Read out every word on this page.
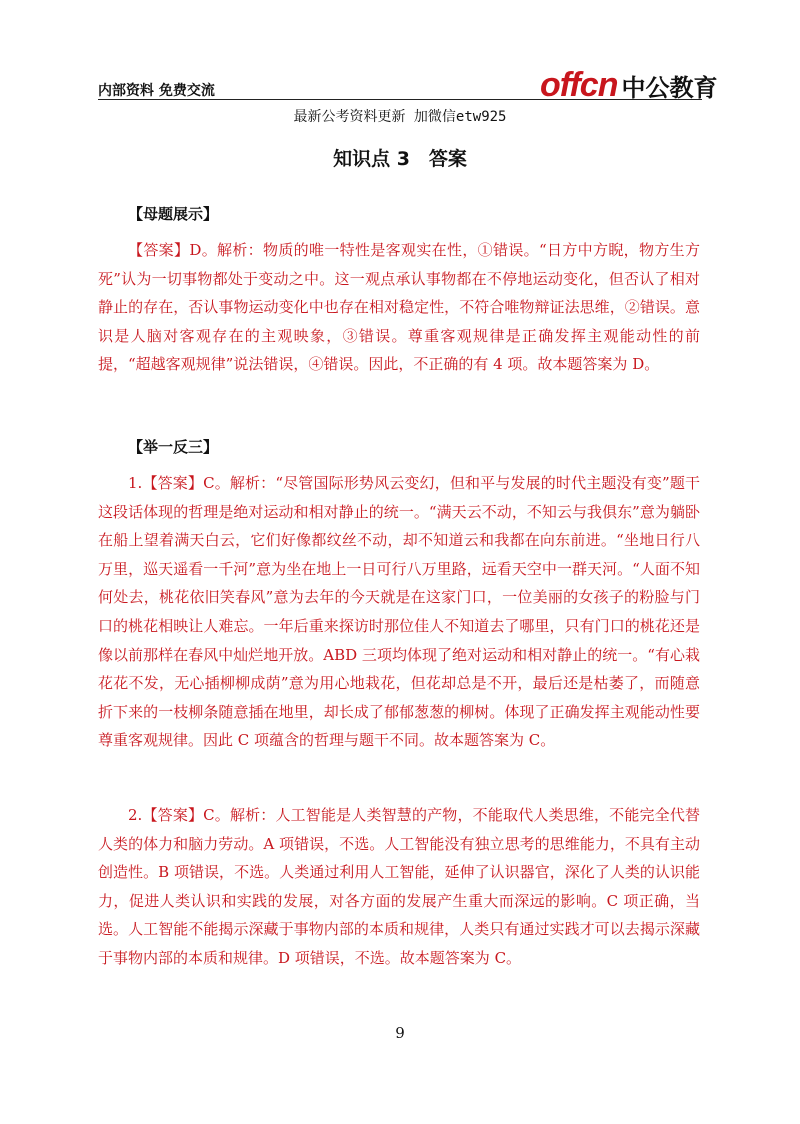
内部资料 免费交流	offcn 中公教育
最新公考资料更新 加微信etw925
知识点 3　答案
【母题展示】
【答案】D。解析：物质的唯一特性是客观实在性，①错误。“日方中方睨，物方生方死”认为一切事物都处于变动之中。这一观点承认事物都在不停地运动变化，但否认了相对静止的存在，否认事物运动变化中也存在相对稳定性，不符合唯物辩证法思维，②错误。意识是人脑对客观存在的主观映象，③错误。尊重客观规律是正确发挥主观能动性的前提，“超越客观规律”说法错误，④错误。因此，不正确的有 4 项。故本题答案为 D。
【举一反三】
1.【答案】C。解析：“尽管国际形势风云变幻，但和平与发展的时代主题没有变”题干这段话体现的哲理是绝对运动和相对静止的统一。“满天云不动，不知云与我俱东”意为躺卧在船上望着满天白云，它们好像都纹丝不动，却不知道云和我都在向东前进。“坐地日行八万里，巡天遥看一千河”意为坐在地上一日可行八万里路，远看天空中一群天河。“人面不知何处去，桃花依旧笑春风”意为去年的今天就是在这家门口，一位美丽的女孩子的粉脸与门口的桃花相映让人难忘。一年后重来探访时那位佳人不知道去了哪里，只有门口的桃花还是像以前那样在春风中灿烂地开放。ABD 三项均体现了绝对运动和相对静止的统一。“有心栽花花不发，无心插柳柳成荫”意为用心地栽花，但花却总是不开，最后还是枯萎了，而随意折下来的一枝柳条随意插在地里，却长成了郁郁葱葱的柳树。体现了正确发挥主观能动性要尊重客观规律。因此 C 项蕴含的哲理与题干不同。故本题答案为 C。
2.【答案】C。解析：人工智能是人类智慧的产物，不能取代人类思维，不能完全代替人类的体力和脑力劳动。A 项错误，不选。人工智能没有独立思考的思维能力，不具有主动创造性。B 项错误，不选。人类通过利用人工智能，延伸了认识器官，深化了人类的认识能力，促进人类认识和实践的发展，对各方面的发展产生重大而深远的影响。C 项正确，当选。人工智能不能揭示深藏于事物内部的本质和规律，人类只有通过实践才可以去揭示深藏于事物内部的本质和规律。D 项错误，不选。故本题答案为 C。
9
